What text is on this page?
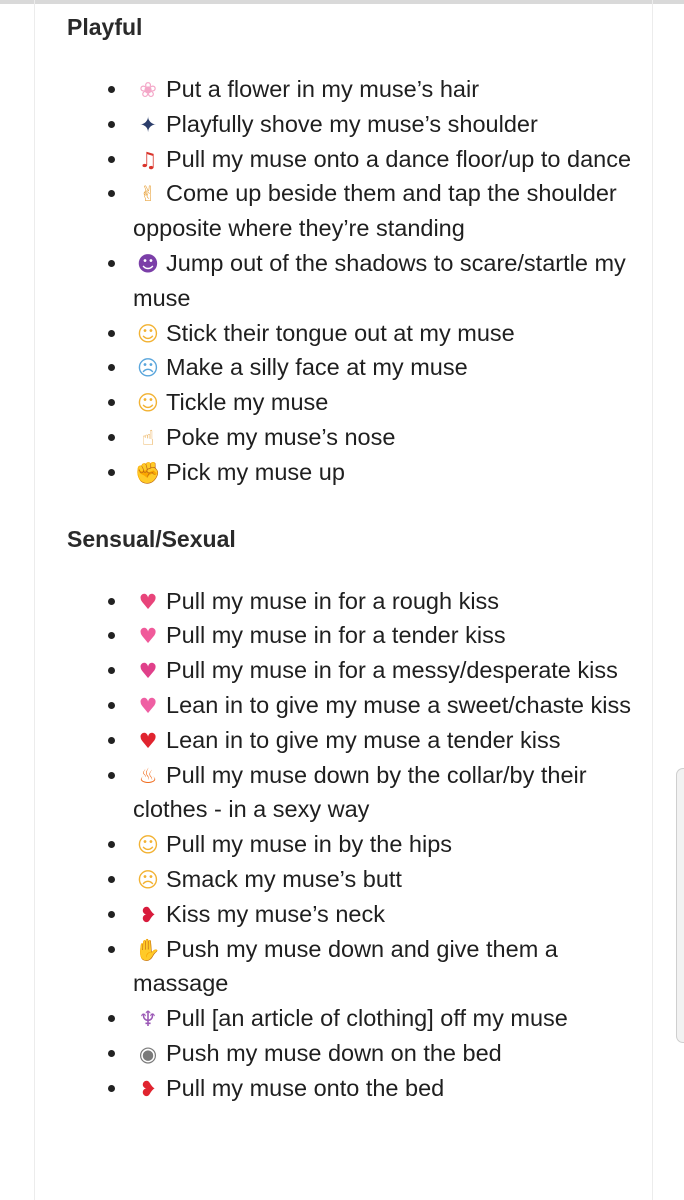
Playful
❀ Put a flower in my muse’s hair
✦ Playfully shove my muse’s shoulder
♫ Pull my muse onto a dance floor/up to dance
✌ Come up beside them and tap the shoulder opposite where they’re standing
☻ Jump out of the shadows to scare/startle my muse
☺ Stick their tongue out at my muse
☹ Make a silly face at my muse
☺ Tickle my muse
☝ Poke my muse’s nose
✊ Pick my muse up
Sensual/Sexual
♥ Pull my muse in for a rough kiss
♥ Pull my muse in for a tender kiss
♥ Pull my muse in for a messy/desperate kiss
♥ Lean in to give my muse a sweet/chaste kiss
♥ Lean in to give my muse a tender kiss
♨ Pull my muse down by the collar/by their clothes - in a sexy way
☺ Pull my muse in by the hips
☹ Smack my muse’s butt
❥ Kiss my muse’s neck
✋ Push my muse down and give them a massage
♆ Pull [an article of clothing] off my muse
◉ Push my muse down on the bed
❥ Pull my muse onto the bed
